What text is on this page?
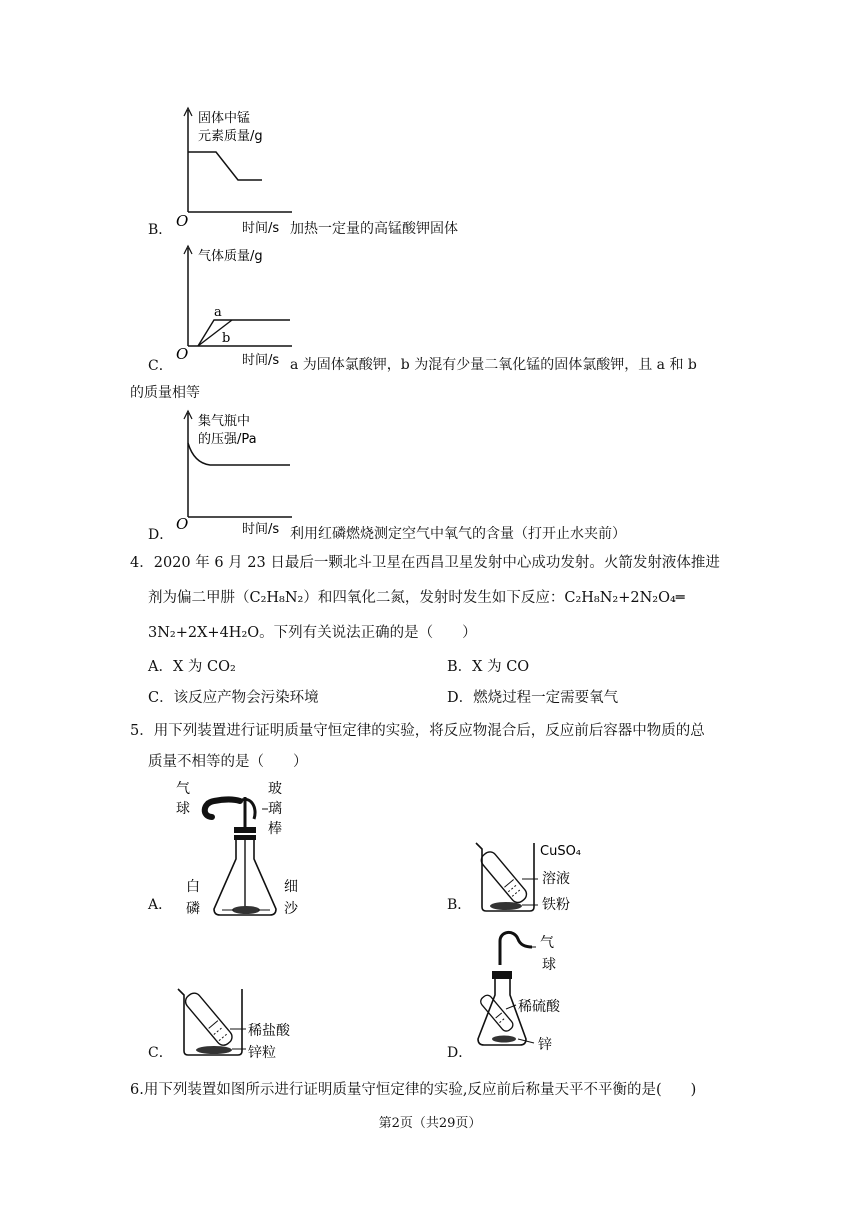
固体中锰
元素质量/g
O	时间/s
B．	加热一定量的高锰酸钾固体
气体质量/g
a
b
O	时间/s
C．	a 为固体氯酸钾，b 为混有少量二氧化锰的固体氯酸钾，且 a 和 b
的质量相等
集气瓶中
的压强/Pa
O	时间/s
D．	利用红磷燃烧测定空气中氧气的含量（打开止水夹前）
4．2020 年 6 月 23 日最后一颗北斗卫星在西昌卫星发射中心成功发射。火箭发射液体推进
剂为偏二甲肼（C₂H₈N₂）和四氧化二氮，发射时发生如下反应：C₂H₈N₂+2N₂O₄═
3N₂+2X+4H₂O。下列有关说法正确的是（　　）
A．X 为 CO₂	B．X 为 CO
C．该反应产物会污染环境	D．燃烧过程一定需要氧气
5．用下列装置进行证明质量守恒定律的实验，将反应物混合后，反应前后容器中物质的总
质量不相等的是（　　）
气
球
玻
璃
棒
白
磷
细
沙
A．
CuSO₄
溶液
铁粉
B．
稀盐酸
锌粒
C．
气
球
稀硫酸
锌
D．
6.用下列装置如图所示进行证明质量守恒定律的实验,反应前后称量天平不平衡的是(　　)
第2页（共29页）
